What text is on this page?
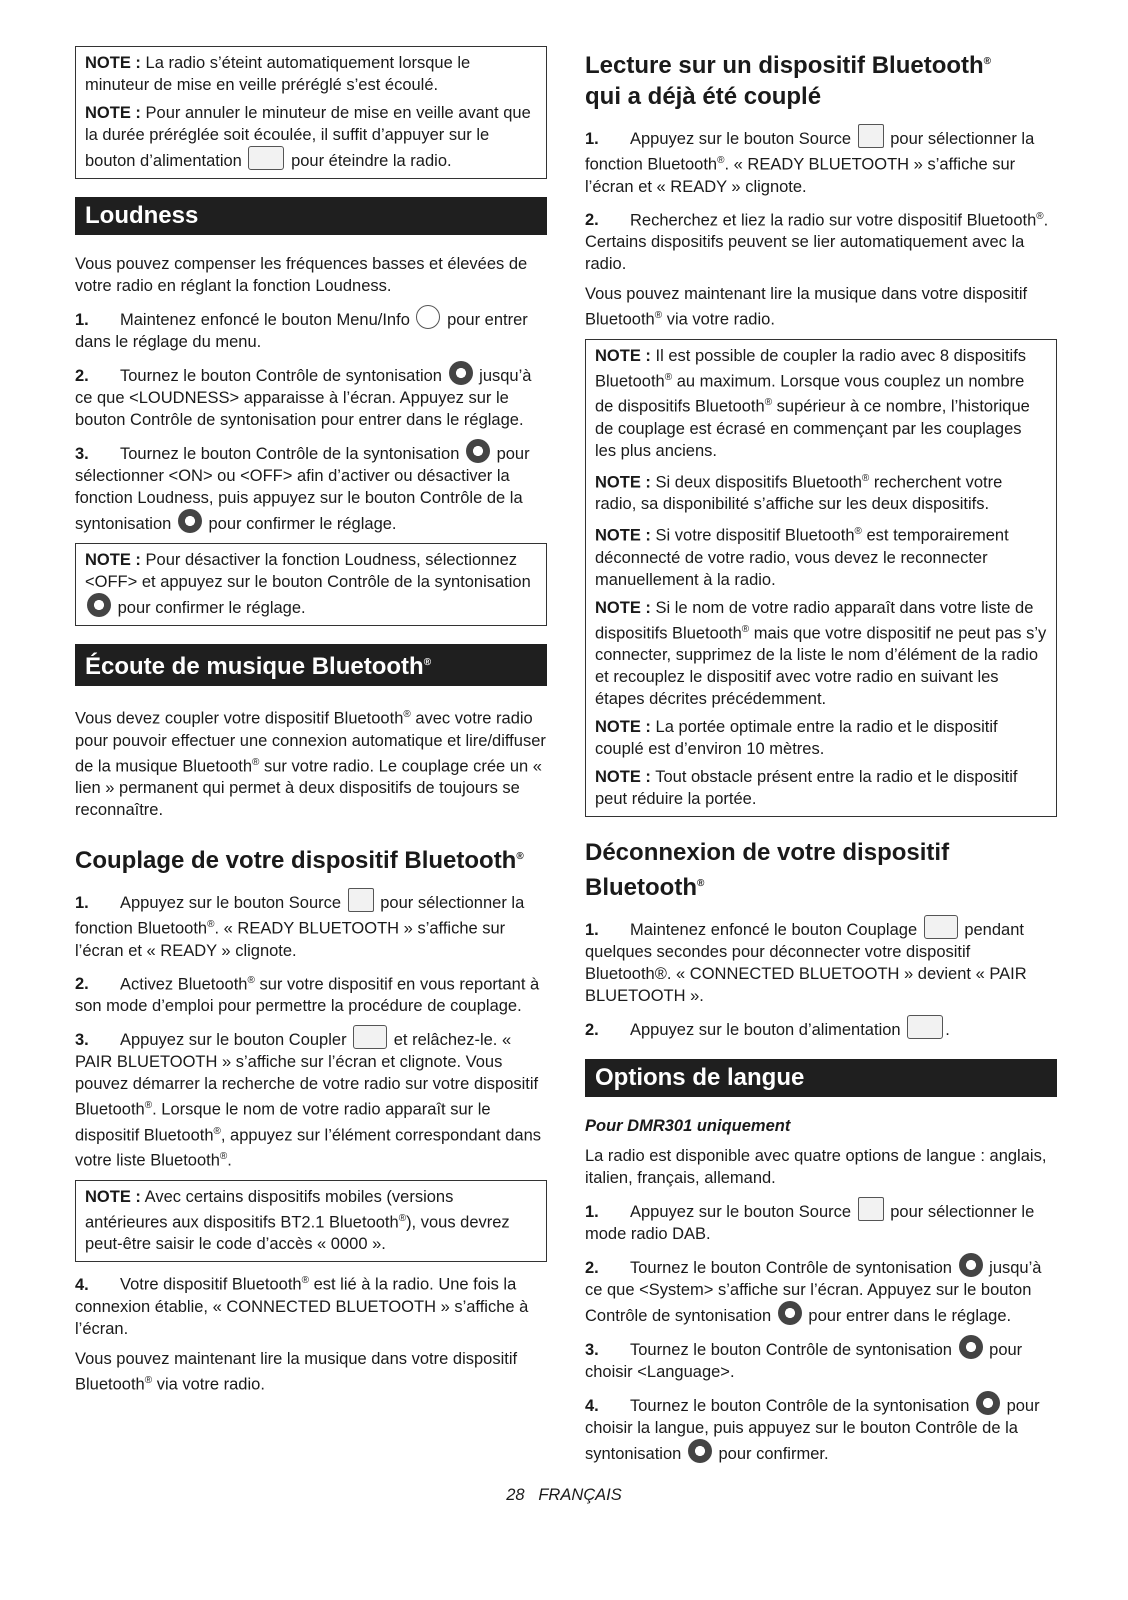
NOTE : La radio s’éteint automatiquement lorsque le minuteur de mise en veille préréglé s’est écoulé.

NOTE : Pour annuler le minuteur de mise en veille avant que la durée préréglée soit écoulée, il suffit d’appuyer sur le bouton d’alimentation	pour éteindre la radio.

Loudness

Vous pouvez compenser les fréquences basses et élevées de votre radio en réglant la fonction Loudness.

1. Maintenez enfoncé le bouton Menu/Info pour entrer dans le réglage du menu.

2. Tournez le bouton Contrôle de syntonisation jusqu’à ce que <LOUDNESS> apparaisse à l’écran. Appuyez sur le bouton Contrôle de syntonisation pour entrer dans le réglage.

3. Tournez le bouton Contrôle de la syntonisation pour sélectionner <ON> ou <OFF> afin d’activer ou désactiver la fonction Loudness, puis appuyez sur le bouton Contrôle de la syntonisation pour confirmer le réglage.

NOTE : Pour désactiver la fonction Loudness, sélectionnez <OFF> et appuyez sur le bouton Contrôle de la syntonisation  pour confirmer le réglage.

Écoute de musique Bluetooth®

Vous devez coupler votre dispositif Bluetooth® avec votre radio pour pouvoir effectuer une connexion automatique et lire/diffuser de la musique Bluetooth® sur votre radio. Le couplage crée un « lien » permanent qui permet à deux dispositifs de toujours se reconnaître.

Couplage de votre dispositif Bluetooth®

1. Appuyez sur le bouton Source pour sélectionner la fonction Bluetooth®. « READY BLUETOOTH » s’affiche sur l’écran et « READY » clignote.

2. Activez Bluetooth® sur votre dispositif en vous reportant à son mode d’emploi pour permettre la procédure de couplage.

3. Appuyez sur le bouton Coupler	et relâchez-le. « PAIR BLUETOOTH » s’affiche sur l’écran et clignote. Vous pouvez démarrer la recherche de votre radio sur votre dispositif Bluetooth®. Lorsque le nom de votre radio apparaît sur le dispositif Bluetooth®, appuyez sur l’élément correspondant dans votre liste Bluetooth®.

NOTE : Avec certains dispositifs mobiles (versions antérieures aux dispositifs BT2.1 Bluetooth®), vous devrez peut-être saisir le code d’accès « 0000 ».

4. Votre dispositif Bluetooth® est lié à la radio. Une fois la connexion établie, « CONNECTED BLUETOOTH » s’affiche à l’écran.

Vous pouvez maintenant lire la musique dans votre dispositif Bluetooth® via votre radio.

Lecture sur un dispositif Bluetooth®
qui a déjà été couplé

1. Appuyez sur le bouton Source pour sélectionner la fonction Bluetooth®. « READY BLUETOOTH » s’affiche sur l’écran et « READY » clignote.

2. Recherchez et liez la radio sur votre dispositif Bluetooth®. Certains dispositifs peuvent se lier automatiquement avec la radio.

Vous pouvez maintenant lire la musique dans votre dispositif Bluetooth® via votre radio.

NOTE : Il est possible de coupler la radio avec 8 dispositifs Bluetooth® au maximum. Lorsque vous couplez un nombre de dispositifs Bluetooth® supérieur à ce nombre, l’historique de couplage est écrasé en commençant par les couplages les plus anciens.

NOTE : Si deux dispositifs Bluetooth® recherchent votre radio, sa disponibilité s’affiche sur les deux dispositifs.

NOTE : Si votre dispositif Bluetooth® est temporairement déconnecté de votre radio, vous devez le reconnecter manuellement à la radio.

NOTE : Si le nom de votre radio apparaît dans votre liste de dispositifs Bluetooth® mais que votre dispositif ne peut pas s’y connecter, supprimez de la liste le nom d’élément de la radio et recouplez le dispositif avec votre radio en suivant les étapes décrites précédemment.

NOTE : La portée optimale entre la radio et le dispositif couplé est d’environ 10 mètres.

NOTE : Tout obstacle présent entre la radio et le dispositif peut réduire la portée.

Déconnexion de votre dispositif
Bluetooth®

1. Maintenez enfoncé le bouton Couplage	pendant quelques secondes pour déconnecter votre dispositif Bluetooth®. « CONNECTED BLUETOOTH » devient « PAIR BLUETOOTH ».

2. Appuyez sur le bouton d’alimentation	.

Options de langue

Pour DMR301 uniquement

La radio est disponible avec quatre options de langue : anglais, italien, français, allemand.

1. Appuyez sur le bouton Source pour sélectionner le mode radio DAB.

2. Tournez le bouton Contrôle de syntonisation jusqu’à ce que <System> s’affiche sur l’écran. Appuyez sur le bouton Contrôle de syntonisation pour entrer dans le réglage.

3. Tournez le bouton Contrôle de syntonisation pour choisir <Language>.

4. Tournez le bouton Contrôle de la syntonisation pour choisir la langue, puis appuyez sur le bouton Contrôle de la syntonisation pour confirmer.

28 FRANÇAIS
